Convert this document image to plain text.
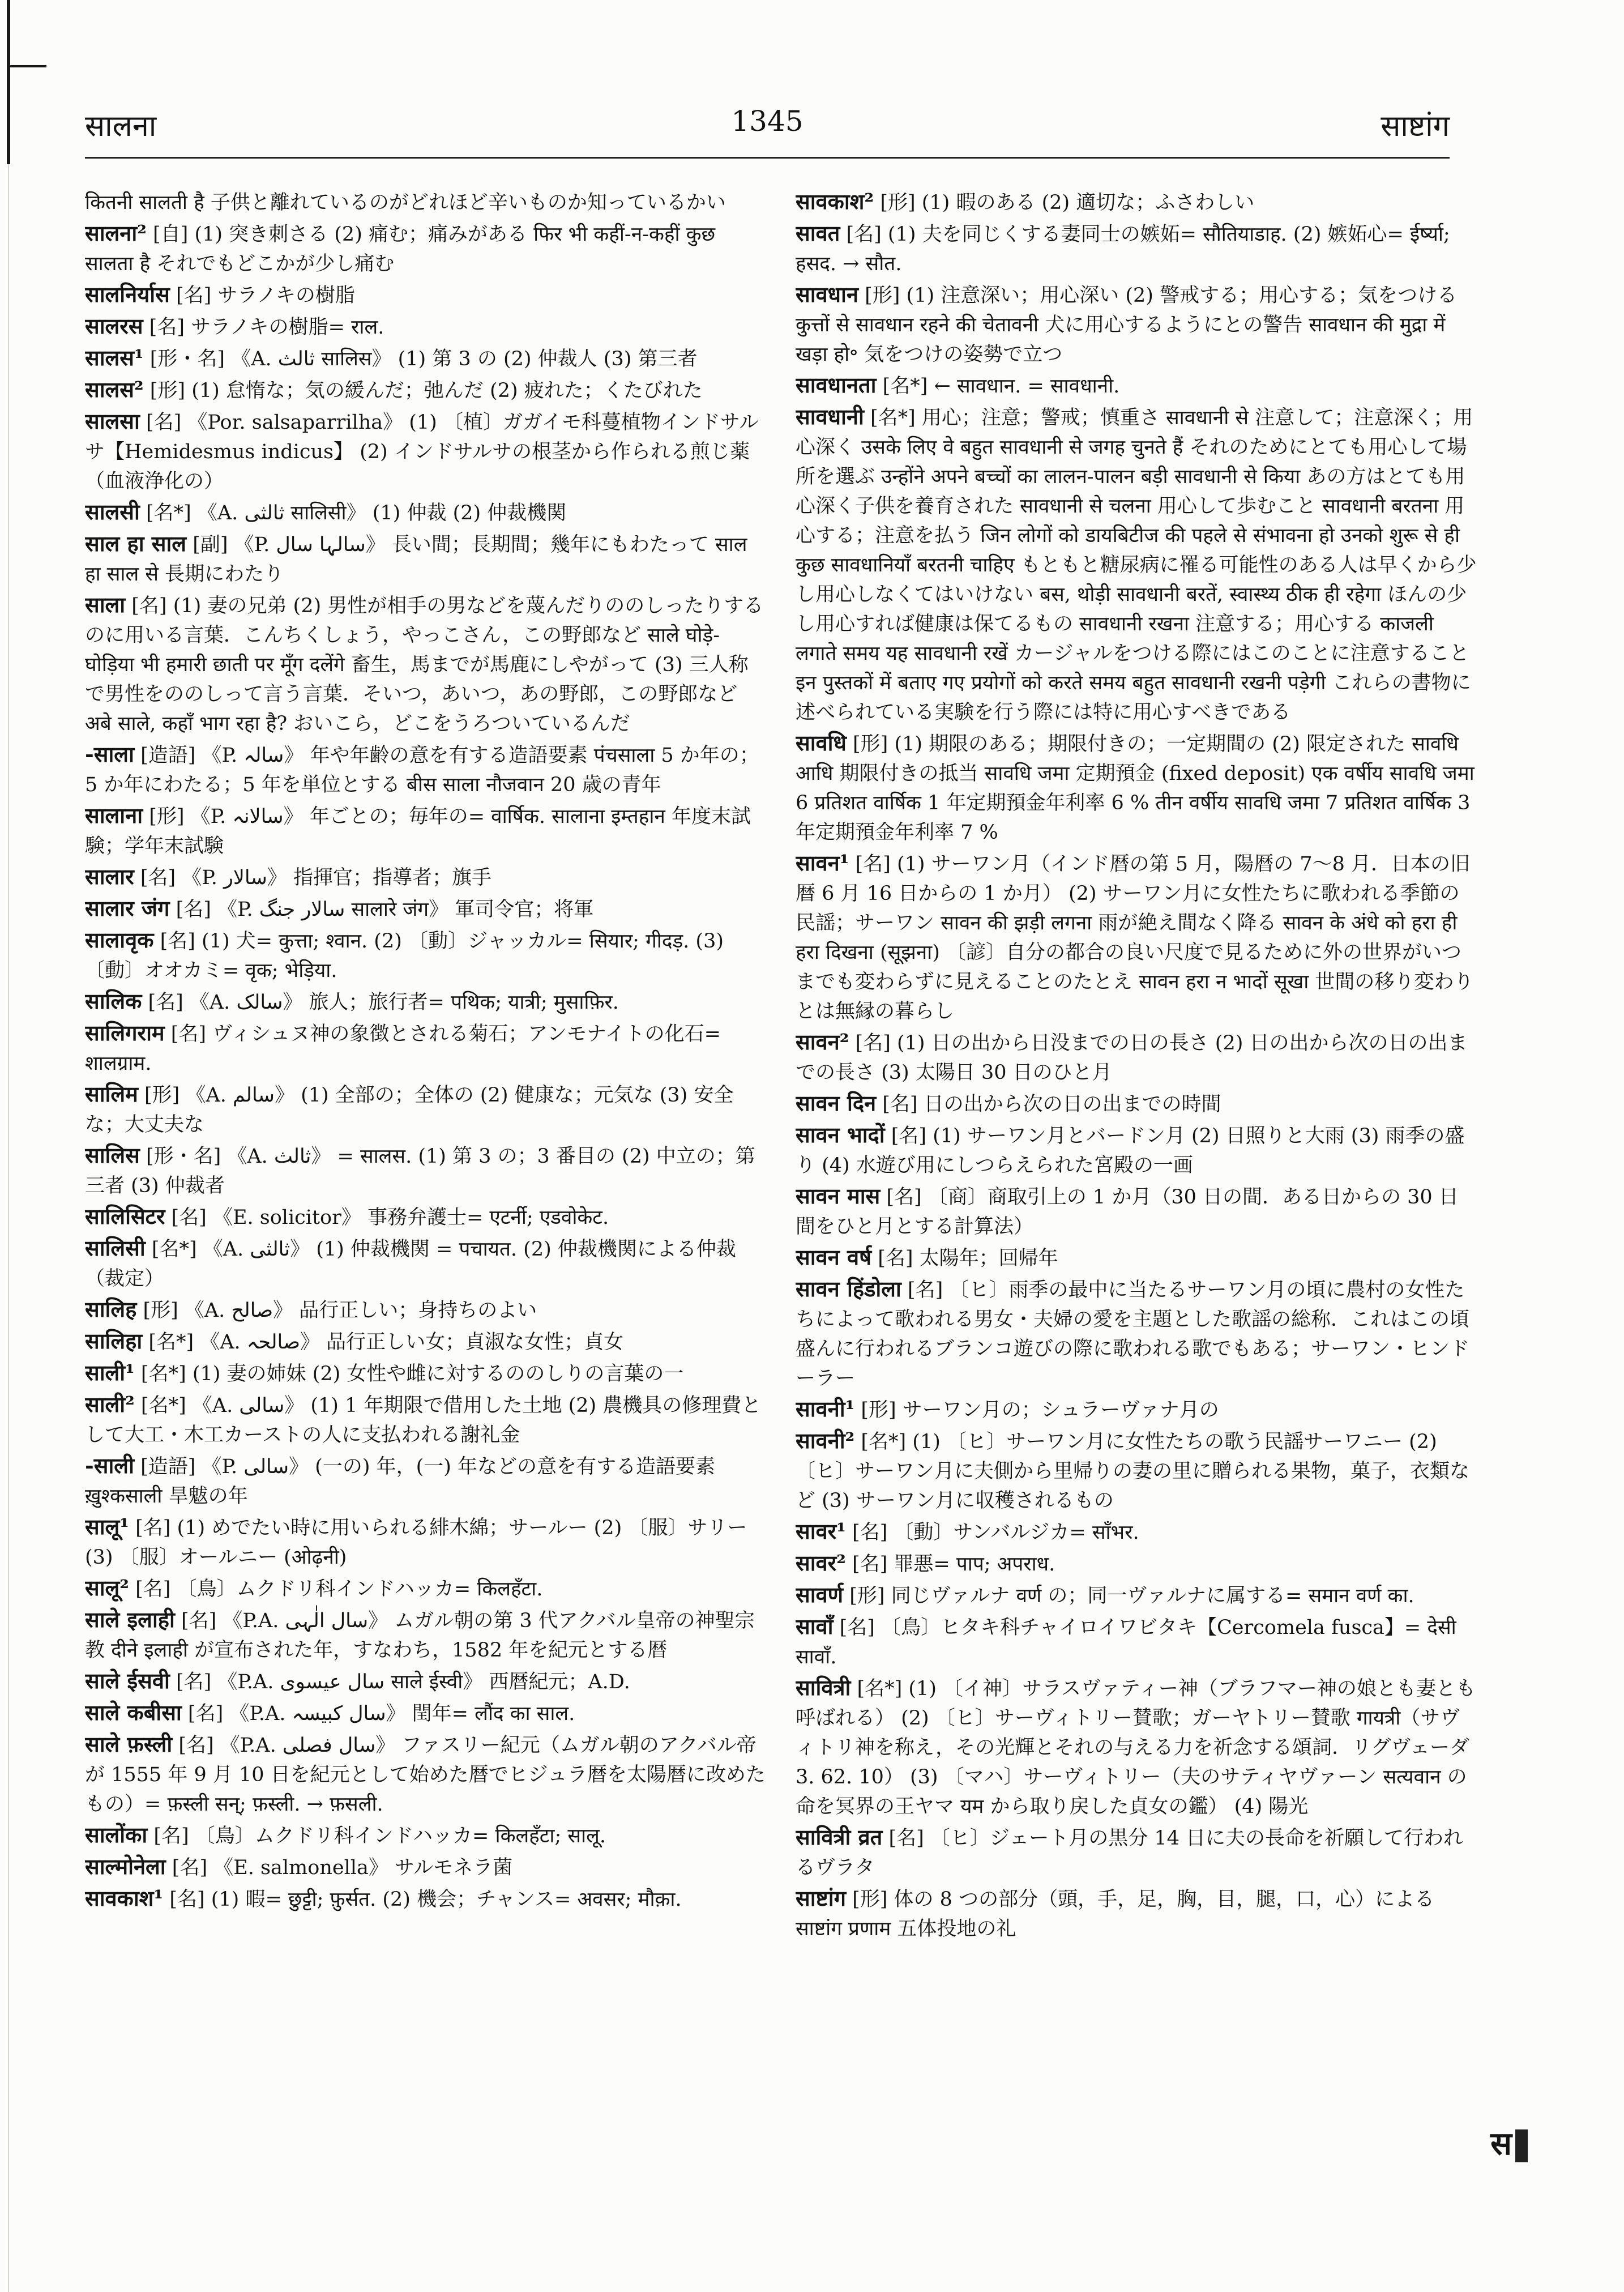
1345
सालना	साष्टांग
कितनी सालती है 子供と離れているのがどれほど辛いものか知っているかい
सालना² [自] (1) 突き刺さる (2) 痛む；痛みがある फिर भी कहीं-न-कहीं कुछ सालता है それでもどこかが少し痛む
सालनिर्यास [名] サラノキの樹脂
सालरस [名] サラノキの樹脂= राल.
सालस¹ [形・名] 《A. ثالث सालिस》 (1) 第 3 の (2) 仲裁人 (3) 第三者
सालस² [形] (1) 怠惰な；気の緩んだ；弛んだ (2) 疲れた；くたびれた
सालसा [名] 《Por. salsaparrilha》 (1) 〔植〕ガガイモ科蔓植物インドサルサ【Hemidesmus indicus】 (2) インドサルサの根茎から作られる煎じ薬（血液浄化の）
सालसी [名*] 《A. ثالثی सालिसी》 (1) 仲裁 (2) 仲裁機関
साल हा साल [副] 《P. سالہا سال》 長い間；長期間；幾年にもわたって साल हा साल से 長期にわたり
साला [名] (1) 妻の兄弟 (2) 男性が相手の男などを蔑んだりののしったりするのに用いる言葉．こんちくしょう，やっこさん，この野郎など साले घोड़े-घोड़िया भी हमारी छाती पर मूँग दलेंगे 畜生，馬までが馬鹿にしやがって (3) 三人称で男性をののしって言う言葉．そいつ，あいつ，あの野郎，この野郎など अबे साले, कहाँ भाग रहा है? おいこら，どこをうろついているんだ
-साला [造語] 《P. سالہ》 年や年齢の意を有する造語要素 पंचसाला 5 か年の；5 か年にわたる；5 年を単位とする बीस साला नौजवान 20 歳の青年
सालाना [形] 《P. سالانہ》 年ごとの；毎年の= वार्षिक. सालाना इम्तहान 年度末試験；学年末試験
सालार [名] 《P. سالار》 指揮官；指導者；旗手
सालार जंग [名] 《P. سالار جنگ सालारे जंग》 軍司令官；将軍
सालावृक [名] (1) 犬= कुत्ता; श्वान. (2) 〔動〕ジャッカル= सियार; गीदड़. (3) 〔動〕オオカミ= वृक; भेड़िया.
सालिक [名] 《A. سالک》 旅人；旅行者= पथिक; यात्री; मुसाफ़िर.
सालिगराम [名] ヴィシュヌ神の象徴とされる菊石；アンモナイトの化石= शालग्राम.
सालिम [形] 《A. سالم》 (1) 全部の；全体の (2) 健康な；元気な (3) 安全な；大丈夫な
सालिस [形・名] 《A. ثالث》 = सालस. (1) 第 3 の；3 番目の (2) 中立の；第三者 (3) 仲裁者
सालिसिटर [名] 《E. solicitor》 事務弁護士= एटर्नी; एडवोकेट.
सालिसी [名*] 《A. ثالثی》 (1) 仲裁機関 = पचायत. (2) 仲裁機関による仲裁（裁定）
सालिह [形] 《A. صالح》 品行正しい；身持ちのよい
सालिहा [名*] 《A. صالحہ》 品行正しい女；貞淑な女性；貞女
साली¹ [名*] (1) 妻の姉妹 (2) 女性や雌に対するののしりの言葉の一
साली² [名*] 《A. سالی》 (1) 1 年期限で借用した土地 (2) 農機具の修理費として大工・木工カーストの人に支払われる謝礼金
-साली [造語] 《P. سالی》 (一の) 年，(一) 年などの意を有する造語要素 ख़ुश्कसाली 旱魃の年
सालू¹ [名] (1) めでたい時に用いられる緋木綿；サールー (2) 〔服〕サリー (3) 〔服〕オールニー (ओढ़नी)
सालू² [名] 〔鳥〕ムクドリ科インドハッカ= किलहँटा.
साले इलाही [名] 《P.A. سال الٰہی》 ムガル朝の第 3 代アクバル皇帝の神聖宗教 दीने इलाही が宣布された年，すなわち，1582 年を紀元とする暦
साले ईसवी [名] 《P.A. سال عیسوی साले ईस्वी》 西暦紀元；A.D.
साले कबीसा [名] 《P.A. سال کبیسہ》 閏年= लौंद का साल.
साले फ़स्ली [名] 《P.A. سال فصلی》 ファスリー紀元（ムガル朝のアクバル帝が 1555 年 9 月 10 日を紀元として始めた暦でヒジュラ暦を太陽暦に改めたもの）= फ़स्ली सन्; फ़स्ली. → फ़सली.
सालोंका [名] 〔鳥〕ムクドリ科インドハッカ= किलहँटा; सालू.
साल्मोनेला [名] 《E. salmonella》 サルモネラ菌
सावकाश¹ [名] (1) 暇= छुट्टी; फ़ुर्सत. (2) 機会；チャンス= अवसर; मौक़ा.
सावकाश² [形] (1) 暇のある (2) 適切な；ふさわしい
सावत [名] (1) 夫を同じくする妻同士の嫉妬= सौतियाडाह. (2) 嫉妬心= ईर्ष्या; हसद. → सौत.
सावधान [形] (1) 注意深い；用心深い (2) 警戒する；用心する；気をつける कुत्तों से सावधान रहने की चेतावनी 犬に用心するようにとの警告 सावधान की मुद्रा में खड़ा हो॰ 気をつけの姿勢で立つ
सावधानता [名*] ← सावधान. = सावधानी.
सावधानी [名*] 用心；注意；警戒；慎重さ सावधानी से 注意して；注意深く；用心深く उसके लिए वे बहुत सावधानी से जगह चुनते हैं それのためにとても用心して場所を選ぶ उन्होंने अपने बच्चों का लालन-पालन बड़ी सावधानी से किया あの方はとても用心深く子供を養育された सावधानी से चलना 用心して歩むこと सावधानी बरतना 用心する；注意を払う जिन लोगों को डायबिटीज की पहले से संभावना हो उनको शुरू से ही कुछ सावधानियाँ बरतनी चाहिए もともと糖尿病に罹る可能性のある人は早くから少し用心しなくてはいけない बस, थोड़ी सावधानी बरतें, स्वास्थ्य ठीक ही रहेगा ほんの少し用心すれば健康は保てるもの सावधानी रखना 注意する；用心する काजली लगाते समय यह सावधानी रखें カージャルをつける際にはこのことに注意すること इन पुस्तकों में बताए गए प्रयोगों को करते समय बहुत सावधानी रखनी पड़ेगी これらの書物に述べられている実験を行う際には特に用心すべきである
सावधि [形] (1) 期限のある；期限付きの；一定期間の (2) 限定された सावधि आधि 期限付きの抵当 सावधि जमा 定期預金 (fixed deposit) एक वर्षीय सावधि जमा 6 प्रतिशत वार्षिक 1 年定期預金年利率 6 % तीन वर्षीय सावधि जमा 7 प्रतिशत वार्षिक 3 年定期預金年利率 7 %
सावन¹ [名] (1) サーワン月（インド暦の第 5 月，陽暦の 7〜8 月．日本の旧暦 6 月 16 日からの 1 か月） (2) サーワン月に女性たちに歌われる季節の民謡；サーワン सावन की झड़ी लगना 雨が絶え間なく降る सावन के अंधे को हरा ही हरा दिखना (सूझना) 〔諺〕自分の都合の良い尺度で見るために外の世界がいつまでも変わらずに見えることのたとえ सावन हरा न भादों सूखा 世間の移り変わりとは無縁の暮らし
सावन² [名] (1) 日の出から日没までの日の長さ (2) 日の出から次の日の出までの長さ (3) 太陽日 30 日のひと月
सावन दिन [名] 日の出から次の日の出までの時間
सावन भादों [名] (1) サーワン月とバードン月 (2) 日照りと大雨 (3) 雨季の盛り (4) 水遊び用にしつらえられた宮殿の一画
सावन मास [名] 〔商〕商取引上の 1 か月（30 日の間．ある日からの 30 日間をひと月とする計算法）
सावन वर्ष [名] 太陽年；回帰年
सावन हिंडोला [名] 〔ヒ〕雨季の最中に当たるサーワン月の頃に農村の女性たちによって歌われる男女・夫婦の愛を主題とした歌謡の総称．これはこの頃盛んに行われるブランコ遊びの際に歌われる歌でもある；サーワン・ヒンドーラー
सावनी¹ [形] サーワン月の；シュラーヴァナ月の
सावनी² [名*] (1) 〔ヒ〕サーワン月に女性たちの歌う民謡サーワニー (2) 〔ヒ〕サーワン月に夫側から里帰りの妻の里に贈られる果物，菓子，衣類など (3) サーワン月に収穫されるもの
सावर¹ [名] 〔動〕サンバルジカ= साँभर.
सावर² [名] 罪悪= पाप; अपराध.
सावर्ण [形] 同じヴァルナ वर्ण の；同一ヴァルナに属する= समान वर्ण का.
सावाँ [名] 〔鳥〕ヒタキ科チャイロイワビタキ【Cercomela fusca】= देसी सावाँ.
सावित्री [名*] (1) 〔イ神〕サラスヴァティー神（ブラフマー神の娘とも妻とも呼ばれる） (2) 〔ヒ〕サーヴィトリー賛歌；ガーヤトリー賛歌 गायत्री（サヴィトリ神を称え，その光輝とそれの与える力を祈念する頌詞．リグヴェーダ 3. 62. 10） (3) 〔マハ〕サーヴィトリー（夫のサティヤヴァーン सत्यवान の命を冥界の王ヤマ यम から取り戻した貞女の鑑） (4) 陽光
सावित्री व्रत [名] 〔ヒ〕ジェート月の黒分 14 日に夫の長命を祈願して行われるヴラタ
साष्टांग [形] 体の 8 つの部分（頭，手，足，胸，目，腿，口，心）による साष्टांग प्रणाम 五体投地の礼
स
